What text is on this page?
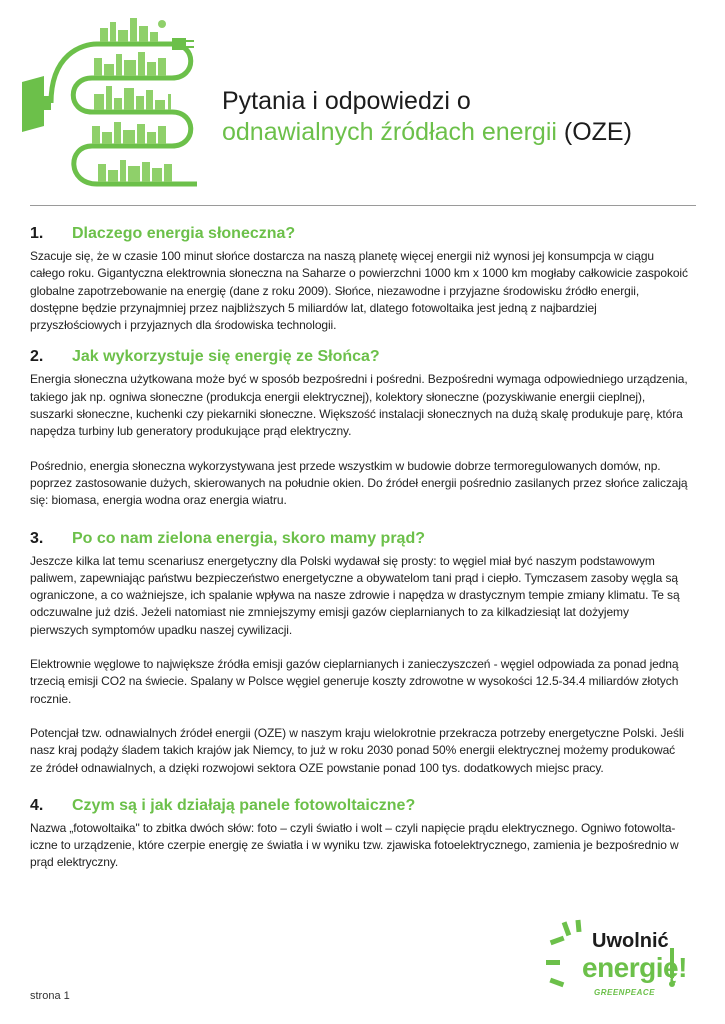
Pytania i odpowiedzi o
odnawialnych źródłach energii (OZE)
1.	Dlaczego energia słoneczna?

Szacuje się, że w czasie 100 minut słońce dostarcza na naszą planetę więcej energii niż wynosi jej konsumpcja w ciągu całego roku. Gigantyczna elektrownia słoneczna na Saharze o powierzchni 1000 km x 1000 km mogłaby całkowicie zaspokoić globalne zapotrzebowanie na energię (dane z roku 2009). Słońce, niezawodne i przyjazne środowisku źródło energii, dostępne będzie przynajmniej przez najbliższych 5 miliardów lat, dlatego fotowoltaika jest jedną z najbardziej przyszłościowych i przyjaznych dla środowiska technologii.

2.	Jak wykorzystuje się energię ze Słońca?

Energia słoneczna użytkowana może być w sposób bezpośredni i pośredni. Bezpośredni wymaga odpowiedniego urządzenia, takiego jak np. ogniwa słoneczne (produkcja energii elektrycznej), kolektory słoneczne (pozyskiwanie energii cieplnej), suszarki słoneczne, kuchenki czy piekarniki słoneczne. Większość instalacji słonecznych na dużą skalę produkuje parę, która napędza turbiny lub generatory produkujące prąd elektryczny.

Pośrednio, energia słoneczna wykorzystywana jest przede wszystkim w budowie dobrze termoregulowanych domów, np. poprzez zastosowanie dużych, skierowanych na południe okien. Do źródeł energii pośrednio zasilanych przez słońce zaliczają się: biomasa, energia wodna oraz energia wiatru.

3.	Po co nam zielona energia, skoro mamy prąd?

Jeszcze kilka lat temu scenariusz energetyczny dla Polski wydawał się prosty: to węgiel miał być naszym podstawowym paliwem, zapewniając państwu bezpieczeństwo energetyczne a obywatelom tani prąd i ciepło. Tymczasem zasoby węgla są ograniczone, a co ważniejsze, ich spalanie wpływa na nasze zdrowie i napędza w drastycznym tempie zmiany klimatu. Te są odczuwalne już dziś. Jeżeli natomiast nie zmniejszymy emisji gazów cieplarnianych to za kilkadziesiąt lat dożyjemy pierwszych symptomów upadku naszej cywilizacji.

Elektrownie węglowe to największe źródła emisji gazów cieplarnianych i zanieczyszczeń - węgiel odpowiada za ponad jedną trzecią emisji CO2 na świecie. Spalany w Polsce węgiel generuje koszty zdrowotne w wysokości 12.5-34.4 miliardów złotych rocznie.

Potencjał tzw. odnawialnych źródeł energii (OZE) w naszym kraju wielokrotnie przekracza potrzeby energetyczne Polski. Jeśli nasz kraj podąży śladem takich krajów jak Niemcy, to już w roku 2030 ponad 50% energii elektrycznej możemy produkować ze źródeł odnawialnych, a dzięki rozwojowi sektora OZE powstanie ponad 100 tys. dodatkowych miejsc pracy.

4.	Czym są i jak działają panele fotowoltaiczne?

Nazwa „fotowoltaika" to zbitka dwóch słów: foto – czyli światło i wolt – czyli napięcie prądu elektrycznego. Ogniwo fotowoltaiczne to urządzenie, które czerpie energię ze światła i w wyniku tzw. zjawiska fotoelektrycznego, zamienia je bezpośrednio w prąd elektryczny.

strona 1
Uwolnić
energię!
GREENPEACE
